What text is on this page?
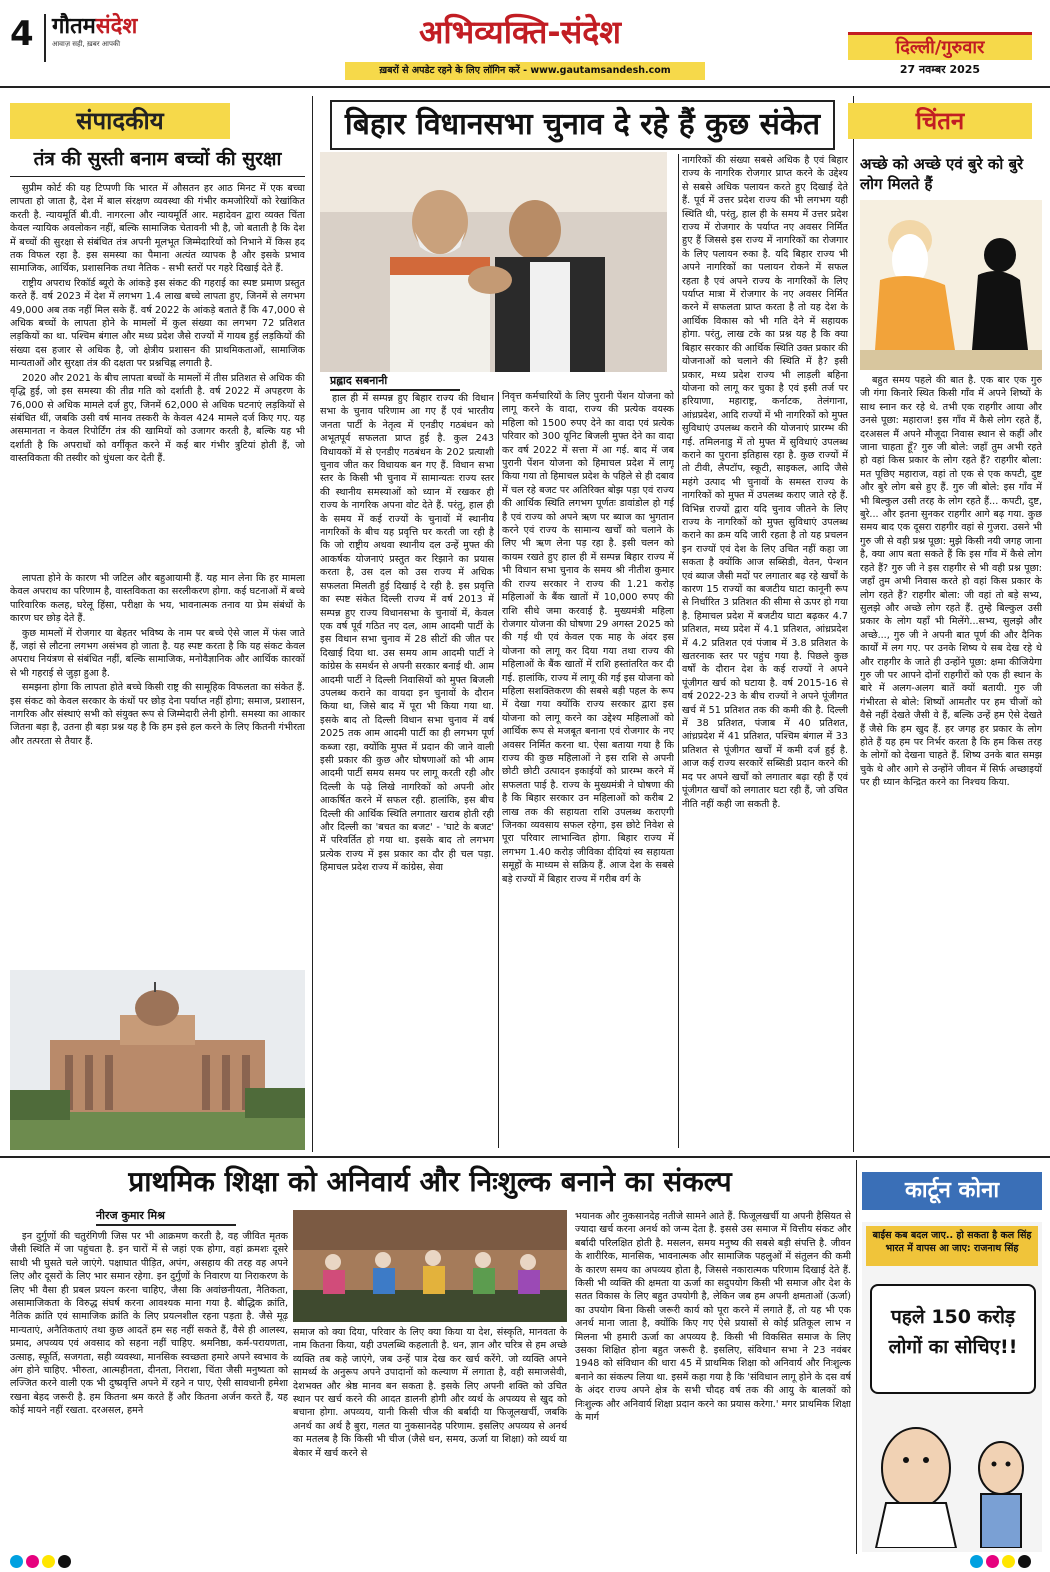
4 गौतमसंदेश
आवाज़ सही, ख़बर आपकी	अभिव्यक्ति-संदेश
ख़बरों से अपडेट रहने के लिए लॉगिन करें - www.gautamsandesh.com
दिल्ली/गुरुवार
27 नवम्बर 2025
संपादकीय
तंत्र की सुस्ती बनाम बच्चों की सुरक्षा

सुप्रीम कोर्ट की यह टिप्पणी कि भारत में औसतन हर आठ मिनट में एक बच्चा लापता हो जाता है, देश में बाल संरक्षण व्यवस्था की गंभीर कमजोरियों को रेखांकित करती है. न्यायमूर्ति बी.वी. नागरत्ना और न्यायमूर्ति आर. महादेवन द्वारा व्यक्त चिंता केवल न्यायिक अवलोकन नहीं, बल्कि सामाजिक चेतावनी भी है, जो बताती है कि देश में बच्चों की सुरक्षा से संबंधित तंत्र अपनी मूलभूत जिम्मेदारियों को निभाने में किस हद तक विफल रहा है. इस समस्या का पैमाना अत्यंत व्यापक है और इसके प्रभाव सामाजिक, आर्थिक, प्रशासनिक तथा नैतिक - सभी स्तरों पर गहरे दिखाई देते हैं.

राष्ट्रीय अपराध रिकॉर्ड ब्यूरो के आंकड़े इस संकट की गहराई का स्पष्ट प्रमाण प्रस्तुत करते हैं. वर्ष 2023 में देश में लगभग 1.4 लाख बच्चे लापता हुए, जिनमें से लगभग 49,000 अब तक नहीं मिल सके हैं. वर्ष 2022 के आंकड़े बताते हैं कि 47,000 से अधिक बच्चों के लापता होने के मामलों में कुल संख्या का लगभग 72 प्रतिशत लड़कियों का था. पश्चिम बंगाल और मध्य प्रदेश जैसे राज्यों में गायब हुई लड़कियों की संख्या दस हजार से अधिक है, जो क्षेत्रीय प्रशासन की प्राथमिकताओं, सामाजिक मान्यताओं और सुरक्षा तंत्र की दक्षता पर प्रश्नचिह्न लगाती है.

2020 और 2021 के बीच लापता बच्चों के मामलों में तीस प्रतिशत से अधिक की वृद्धि हुई, जो इस समस्या की तीव्र गति को दर्शाती है. वर्ष 2022 में अपहरण के 76,000 से अधिक मामले दर्ज हुए, जिनमें 62,000 से अधिक घटनाएं लड़कियों से संबंधित थीं, जबकि उसी वर्ष मानव तस्करी के केवल 424 मामले दर्ज किए गए. यह असमानता न केवल रिपोर्टिंग तंत्र की खामियों को उजागर करती है, बल्कि यह भी दर्शाती है कि अपराधों को वर्गीकृत करने में कई बार गंभीर त्रुटियां होती हैं, जो वास्तविकता की तस्वीर को धुंधला कर देती हैं.

लापता होने के कारण भी जटिल और बहुआयामी हैं. यह मान लेना कि हर मामला केवल अपराध का परिणाम है, वास्तविकता का सरलीकरण होगा. कई घटनाओं में बच्चे पारिवारिक कलह, घरेलू हिंसा, परीक्षा के भय, भावनात्मक तनाव या प्रेम संबंधों के कारण घर छोड़ देते हैं.

कुछ मामलों में रोजगार या बेहतर भविष्य के नाम पर बच्चे ऐसे जाल में फंस जाते हैं, जहां से लौटना लगभग असंभव हो जाता है. यह स्पष्ट करता है कि यह संकट केवल अपराध नियंत्रण से संबंधित नहीं, बल्कि सामाजिक, मनोवैज्ञानिक और आर्थिक कारकों से भी गहराई से जुड़ा हुआ है.

समझना होगा कि लापता होते बच्चे किसी राष्ट्र की सामूहिक विफलता का संकेत हैं. इस संकट को केवल सरकार के कंधों पर छोड़ देना पर्याप्त नहीं होगा; समाज, प्रशासन, नागरिक और संस्थाएं सभी को संयुक्त रूप से जिम्मेदारी लेनी होगी. समस्या का आकार जितना बड़ा है, उतना ही बड़ा प्रश्न यह है कि हम इसे हल करने के लिए कितनी गंभीरता और तत्परता से तैयार हैं.

बिहार विधानसभा चुनाव दे रहे हैं कुछ संकेत
प्रह्लाद सबनानी

हाल ही में सम्पन्न हुए बिहार राज्य की विधान सभा के चुनाव परिणाम आ गए हैं एवं भारतीय जनता पार्टी के नेतृत्व में एनडीए गठबंधन को अभूतपूर्व सफलता प्राप्त हुई है. कुल 243 विधायकों में से एनडीए गठबंधन के 202 प्रत्याशी चुनाव जीत कर विधायक बन गए हैं. विधान सभा स्तर के किसी भी चुनाव में सामान्यतः राज्य स्तर की स्थानीय समस्याओं को ध्यान में रखकर ही राज्य के नागरिक अपना वोट देते हैं. परंतु, हाल ही के समय में कई राज्यों के चुनावों में स्थानीय नागरिकों के बीच यह प्रवृत्ति घर करती जा रही है कि जो राष्ट्रीय अथवा स्थानीय दल उन्हें मुफ्त की आकर्षक योजनाएं प्रस्तुत कर रिझाने का प्रयास करता है, उस दल को उस राज्य में अधिक सफलता मिलती हुई दिखाई दे रही है. इस प्रवृत्ति का स्पष्ट संकेत दिल्ली राज्य में वर्ष 2013 में सम्पन्न हुए राज्य विधानसभा के चुनावों में, केवल एक वर्ष पूर्व गठित नए दल, आम आदमी पार्टी के इस विधान सभा चुनाव में 28 सीटों की जीत पर दिखाई दिया था. उस समय आम आदमी पार्टी ने कांग्रेस के समर्थन से अपनी सरकार बनाई थी. आम आदमी पार्टी ने दिल्ली निवासियों को मुफ्त बिजली उपलब्ध कराने का वायदा इन चुनावों के दौरान किया था, जिसे बाद में पूरा भी किया गया था. इसके बाद तो दिल्ली विधान सभा चुनाव में वर्ष 2025 तक आम आदमी पार्टी का ही लगभग पूर्ण कब्जा रहा, क्योंकि मुफ्त में प्रदान की जाने वाली इसी प्रकार की कुछ और घोषणाओं को भी आम आदमी पार्टी समय समय पर लागू करती रही और दिल्ली के पढ़े लिखे नागरिकों को अपनी ओर आकर्षित करने में सफल रही. हालांकि, इस बीच दिल्ली की आर्थिक स्थिति लगातार खराब होती रही और दिल्ली का 'बचत का बजट' - 'घाटे के बजट' में परिवर्तित हो गया था. इसके बाद तो लगभग प्रत्येक राज्य में इस प्रकार का दौर ही चल पड़ा. हिमाचल प्रदेश राज्य में कांग्रेस, सेवा

निवृत्त कर्मचारियों के लिए पुरानी पेंशन योजना को लागू करने के वादा, राज्य की प्रत्येक वयस्क महिला को 1500 रुपए देने का वादा एवं प्रत्येक परिवार को 300 यूनिट बिजली मुफ्त देने का वादा कर वर्ष 2022 में सत्ता में आ गई. बाद में जब पुरानी पेंशन योजना को हिमाचल प्रदेश में लागू किया गया तो हिमाचल प्रदेश के पहिले से ही दबाव में चल रहे बजट पर अतिरिक्त बोझ पड़ा एवं राज्य की आर्थिक स्थिति लगभग पूर्णतः डावांडोल हो गई है एवं राज्य को अपने ऋण पर ब्याज का भुगतान करने एवं राज्य के सामान्य खर्चों को चलाने के लिए भी ऋण लेना पड़ रहा है. इसी चलन को कायम रखते हुए हाल ही में सम्पन्न बिहार राज्य में भी विधान सभा चुनाव के समय श्री नीतीश कुमार की राज्य सरकार ने राज्य की 1.21 करोड़ महिलाओं के बैंक खातों में 10,000 रुपए की राशि सीधे जमा करवाई है. मुख्यमंत्री महिला रोजगार योजना की घोषणा 29 अगस्त 2025 को की गई थी एवं केवल एक माह के अंदर इस योजना को लागू कर दिया गया तथा राज्य की महिलाओं के बैंक खातों में राशि हस्तांतरित कर दी गई. हालांकि, राज्य में लागू की गई इस योजना को महिला सशक्तिकरण की सबसे बड़ी पहल के रूप में देखा गया क्योंकि राज्य सरकार द्वारा इस योजना को लागू करने का उद्देश्य महिलाओं को आर्थिक रूप से मजबूत बनाना एवं रोजगार के नए अवसर निर्मित करना था. ऐसा बताया गया है कि राज्य की कुछ महिलाओं ने इस राशि से अपनी छोटी छोटी उत्पादन इकाईयों को प्रारम्भ करने में सफलता पाई है. राज्य के मुख्यमंत्री ने घोषणा की है कि बिहार सरकार उन महिलाओं को करीब 2 लाख तक की सहायता राशि उपलब्ध कराएगी जिनका व्यवसाय सफल रहेगा, इस छोटे निवेश से पूरा परिवार लाभान्वित होगा. बिहार राज्य में लगभग 1.40 करोड़ जीविका दीदियां स्व सहायता समूहों के माध्यम से सक्रिय हैं. आज देश के सबसे बड़े राज्यों में बिहार राज्य में गरीब वर्ग के

नागरिकों की संख्या सबसे अधिक है एवं बिहार राज्य के नागरिक रोजगार प्राप्त करने के उद्देश्य से सबसे अधिक पलायन करते हुए दिखाई देते हैं. पूर्व में उत्तर प्रदेश राज्य की भी लगभग यही स्थिति थी, परंतु, हाल ही के समय में उत्तर प्रदेश राज्य में रोजगार के पर्याप्त नए अवसर निर्मित हुए हैं जिससे इस राज्य में नागरिकों का रोजगार के लिए पलायन रुका है. यदि बिहार राज्य भी अपने नागरिकों का पलायन रोकने में सफल रहता है एवं अपने राज्य के नागरिकों के लिए पर्याप्त मात्रा में रोजगार के नए अवसर निर्मित करने में सफलता प्राप्त करता है तो यह देश के आर्थिक विकास को भी गति देने में सहायक होगा. परंतु, लाख टके का प्रश्न यह है कि क्या बिहार सरकार की आर्थिक स्थिति उक्त प्रकार की योजनाओं को चलाने की स्थिति में है? इसी प्रकार, मध्य प्रदेश राज्य भी लाड़ली बहिना योजना को लागू कर चुका है एवं इसी तर्ज पर हरियाणा, महाराष्ट्र, कर्नाटक, तेलंगाना, आंध्रप्रदेश, आदि राज्यों में भी नागरिकों को मुफ्त सुविधाएं उपलब्ध कराने की योजनाएं प्रारम्भ की गई. तमिलनाडु में तो मुफ्त में सुविधाएं उपलब्ध कराने का पुराना इतिहास रहा है. कुछ राज्यों में तो टीवी, लैपटॉप, स्कूटी, साइकल, आदि जैसे महंगे उत्पाद भी चुनावों के समस्त राज्य के नागरिकों को मुफ्त में उपलब्ध कराए जाते रहे हैं. विभिन्न राज्यों द्वारा यदि चुनाव जीतने के लिए राज्य के नागरिकों को मुफ्त सुविधाएं उपलब्ध कराने का क्रम यदि जारी रहता है तो यह प्रचलन इन राज्यों एवं देश के लिए उचित नहीं कहा जा सकता है क्योंकि आज सब्सिडी, वेतन, पेन्शन एवं ब्याज जैसी मदों पर लगातार बढ़ रहे खर्चों के कारण 15 राज्यों का बजटीय घाटा कानूनी रूप से निर्धारित 3 प्रतिशत की सीमा से ऊपर हो गया है. हिमाचल प्रदेश में बजटीय घाटा बढ़कर 4.7 प्रतिशत, मध्य प्रदेश में 4.1 प्रतिशत, आंध्रप्रदेश में 4.2 प्रतिशत एवं पंजाब में 3.8 प्रतिशत के खतरनाक स्तर पर पहुंच गया है. पिछले कुछ वर्षों के दौरान देश के कई राज्यों ने अपने पूंजीगत खर्च को घटाया है. वर्ष 2015-16 से वर्ष 2022-23 के बीच राज्यों ने अपने पूंजीगत खर्च में 51 प्रतिशत तक की कमी की है. दिल्ली में 38 प्रतिशत, पंजाब में 40 प्रतिशत, आंध्रप्रदेश में 41 प्रतिशत, पश्चिम बंगाल में 33 प्रतिशत से पूंजीगत खर्चों में कमी दर्ज हुई है. आज कई राज्य सरकारें सब्सिडी प्रदान करने की मद पर अपने खर्चों को लगातार बढ़ा रही हैं एवं पूंजीगत खर्चों को लगातार घटा रही हैं, जो उचित नीति नहीं कही जा सकती है.

चिंतन
अच्छे को अच्छे एवं बुरे को बुरे लोग मिलते हैं

बहुत समय पहले की बात है. एक बार एक गुरु जी गंगा किनारे स्थित किसी गाँव में अपने शिष्यों के साथ स्नान कर रहे थे. तभी एक राहगीर आया और उनसे पूछा: महाराज! इस गाँव में कैसे लोग रहते हैं, दरअसल मैं अपने मौजूदा निवास स्थान से कहीं और जाना चाहता हूँ? गुरु जी बोले: जहाँ तुम अभी रहते हो वहां किस प्रकार के लोग रहते हैं? राहगीर बोला: मत पूछिए महाराज, वहां तो एक से एक कपटी, दुष्ट और बुरे लोग बसे हुए हैं. गुरु जी बोले: इस गाँव में भी बिल्कुल उसी तरह के लोग रहते हैं... कपटी, दुष्ट, बुरे... और इतना सुनकर राहगीर आगे बढ़ गया. कुछ समय बाद एक दूसरा राहगीर वहां से गुजरा. उसने भी गुरु जी से वही प्रश्न पूछा: मुझे किसी नयी जगह जाना है, क्या आप बता सकते हैं कि इस गाँव में कैसे लोग रहते हैं? गुरु जी ने इस राहगीर से भी वही प्रश्न पूछा: जहाँ तुम अभी निवास करते हो वहां किस प्रकार के लोग रहते हैं? राहगीर बोला: जी वहां तो बड़े सभ्य, सुलझे और अच्छे लोग रहते हैं. तुम्हे बिल्कुल उसी प्रकार के लोग यहाँ भी मिलेंगे...सभ्य, सुलझे और अच्छे..., गुरु जी ने अपनी बात पूर्ण की और दैनिक कार्यों में लग गए. पर उनके शिष्य ये सब देख रहे थे और राहगीर के जाते ही उन्होंने पूछा: क्षमा कीजियेगा गुरु जी पर आपने दोनों राहगीरों को एक ही स्थान के बारे में अलग-अलग बातें क्यों बतायी. गुरु जी गंभीरता से बोले: शिष्यों आमतौर पर हम चीजों को वैसे नहीं देखते जैसी वे हैं, बल्कि उन्हें हम ऐसे देखते हैं जैसे कि हम खुद हैं. हर जगह हर प्रकार के लोग होते हैं यह हम पर निर्भर करता है कि हम किस तरह के लोगों को देखना चाहते हैं. शिष्य उनके बात समझ चुके थे और आगे से उन्होंने जीवन में सिर्फ अच्छाइयों पर ही ध्यान केन्द्रित करने का निश्चय किया.

प्राथमिक शिक्षा को अनिवार्य और निःशुल्क बनाने का संकल्प
नीरज कुमार मिश्र

इन दुर्गुणों की चतुरंगिणी जिस पर भी आक्रमण करती है, वह जीवित मृतक जैसी स्थिति में जा पहुंचता है. इन चारों में से जहां एक होगा, वहां क्रमशः दूसरे साथी भी घुसते चले जाएंगे. पक्षाघात पीड़ित, अपंग, असहाय की तरह वह अपने लिए और दूसरों के लिए भार समान रहेगा. इन दुर्गुणों के निवारण या निराकरण के लिए भी वैसा ही प्रबल प्रयत्न करना चाहिए, जैसा कि अवांछनीयता, नैतिकता, असामाजिकता के विरुद्ध संघर्ष करना आवश्यक माना गया है. बौद्धिक क्रांति, नैतिक क्रांति एवं सामाजिक क्रांति के लिए प्रयत्नशील रहना पड़ता है. जैसे मूढ़ मान्यताएं, अनैतिकताएं तथा कुछ आदतें हम सह नहीं सकते हैं, वैसे ही आलस्य, प्रमाद, अपव्यय एवं अवसाद को सहना नहीं चाहिए. श्रमनिष्ठा, कर्म-परायणता, उत्साह, स्फूर्ति, सजगता, सही व्यवस्था, मानसिक स्वच्छता हमारे अपने स्वभाव के अंग होने चाहिए. भीरुता, आत्महीनता, दीनता, निराशा, चिंता जैसी मनुष्यता को लज्जित करने वाली एक भी दुष्प्रवृत्ति अपने में रहने न पाए, ऐसी सावधानी हमेशा रखना बेहद जरूरी है. हम कितना श्रम करते हैं और कितना अर्जन करते हैं, यह कोई मायने नहीं रखता. दरअसल, हमने

समाज को क्या दिया, परिवार के लिए क्या किया या देश, संस्कृति, मानवता के नाम कितना किया, यही उपलब्धि कहलाती है. धन, ज्ञान और चरित्र से हम अच्छे व्यक्ति तब कहे जाएंगे, जब उन्हें पात्र देख कर खर्च करेंगे. जो व्यक्ति अपने सामर्थ्य के अनुरूप अपने उपादानों को कल्याण में लगाता है, वही समाजसेवी, देशभक्त और श्रेष्ठ मानव बन सकता है. इसके लिए अपनी शक्ति को उचित स्थान पर खर्च करने की आदत डालनी होगी और व्यर्थ के अपव्यय से खुद को बचाना होगा. अपव्यय, यानी किसी चीज की बर्बादी या फिजूलखर्ची, जबकि अनर्थ का अर्थ है बुरा, गलत या नुकसानदेह परिणाम. इसलिए अपव्यय से अनर्थ का मतलब है कि किसी भी चीज (जैसे धन, समय, ऊर्जा या शिक्षा) को व्यर्थ या बेकार में खर्च करने से

भयानक और नुकसानदेह नतीजे सामने आते हैं. फिजूलखर्ची या अपनी हैसियत से ज्यादा खर्च करना अनर्थ को जन्म देता है. इससे उस समाज में वित्तीय संकट और बर्बादी परिलक्षित होती है. मसलन, समय मनुष्य की सबसे बड़ी संपत्ति है. जीवन के शारीरिक, मानसिक, भावनात्मक और सामाजिक पहलुओं में संतुलन की कमी के कारण समय का अपव्यय होता है, जिससे नकारात्मक परिणाम दिखाई देते हैं. किसी भी व्यक्ति की क्षमता या ऊर्जा का सदुपयोग किसी भी समाज और देश के सतत विकास के लिए बहुत उपयोगी है, लेकिन जब हम अपनी क्षमताओं (ऊर्जा) का उपयोग बिना किसी जरूरी कार्य को पूरा करने में लगाते हैं, तो यह भी एक अनर्थ माना जाता है, क्योंकि किए गए ऐसे प्रयासों से कोई प्रतिकूल लाभ न मिलना भी हमारी ऊर्जा का अपव्यय है. किसी भी विकसित समाज के लिए उसका शिक्षित होना बहुत जरूरी है. इसलिए, संविधान सभा ने 23 नवंबर 1948 को संविधान की धारा 45 में प्राथमिक शिक्षा को अनिवार्य और निःशुल्क बनाने का संकल्प लिया था. इसमें कहा गया है कि 'संविधान लागू होने के दस वर्ष के अंदर राज्य अपने क्षेत्र के सभी चौदह वर्ष तक की आयु के बालकों को निःशुल्क और अनिवार्य शिक्षा प्रदान करने का प्रयास करेगा.' मगर प्राथमिक शिक्षा के मार्ग

कार्टून कोना
बाईस कब बदल जाए.. हो सकता है कल सिंह भारत में वापस आ जाए: राजनाथ सिंह
पहले 150 करोड़
लोगों का सोचिए!!
